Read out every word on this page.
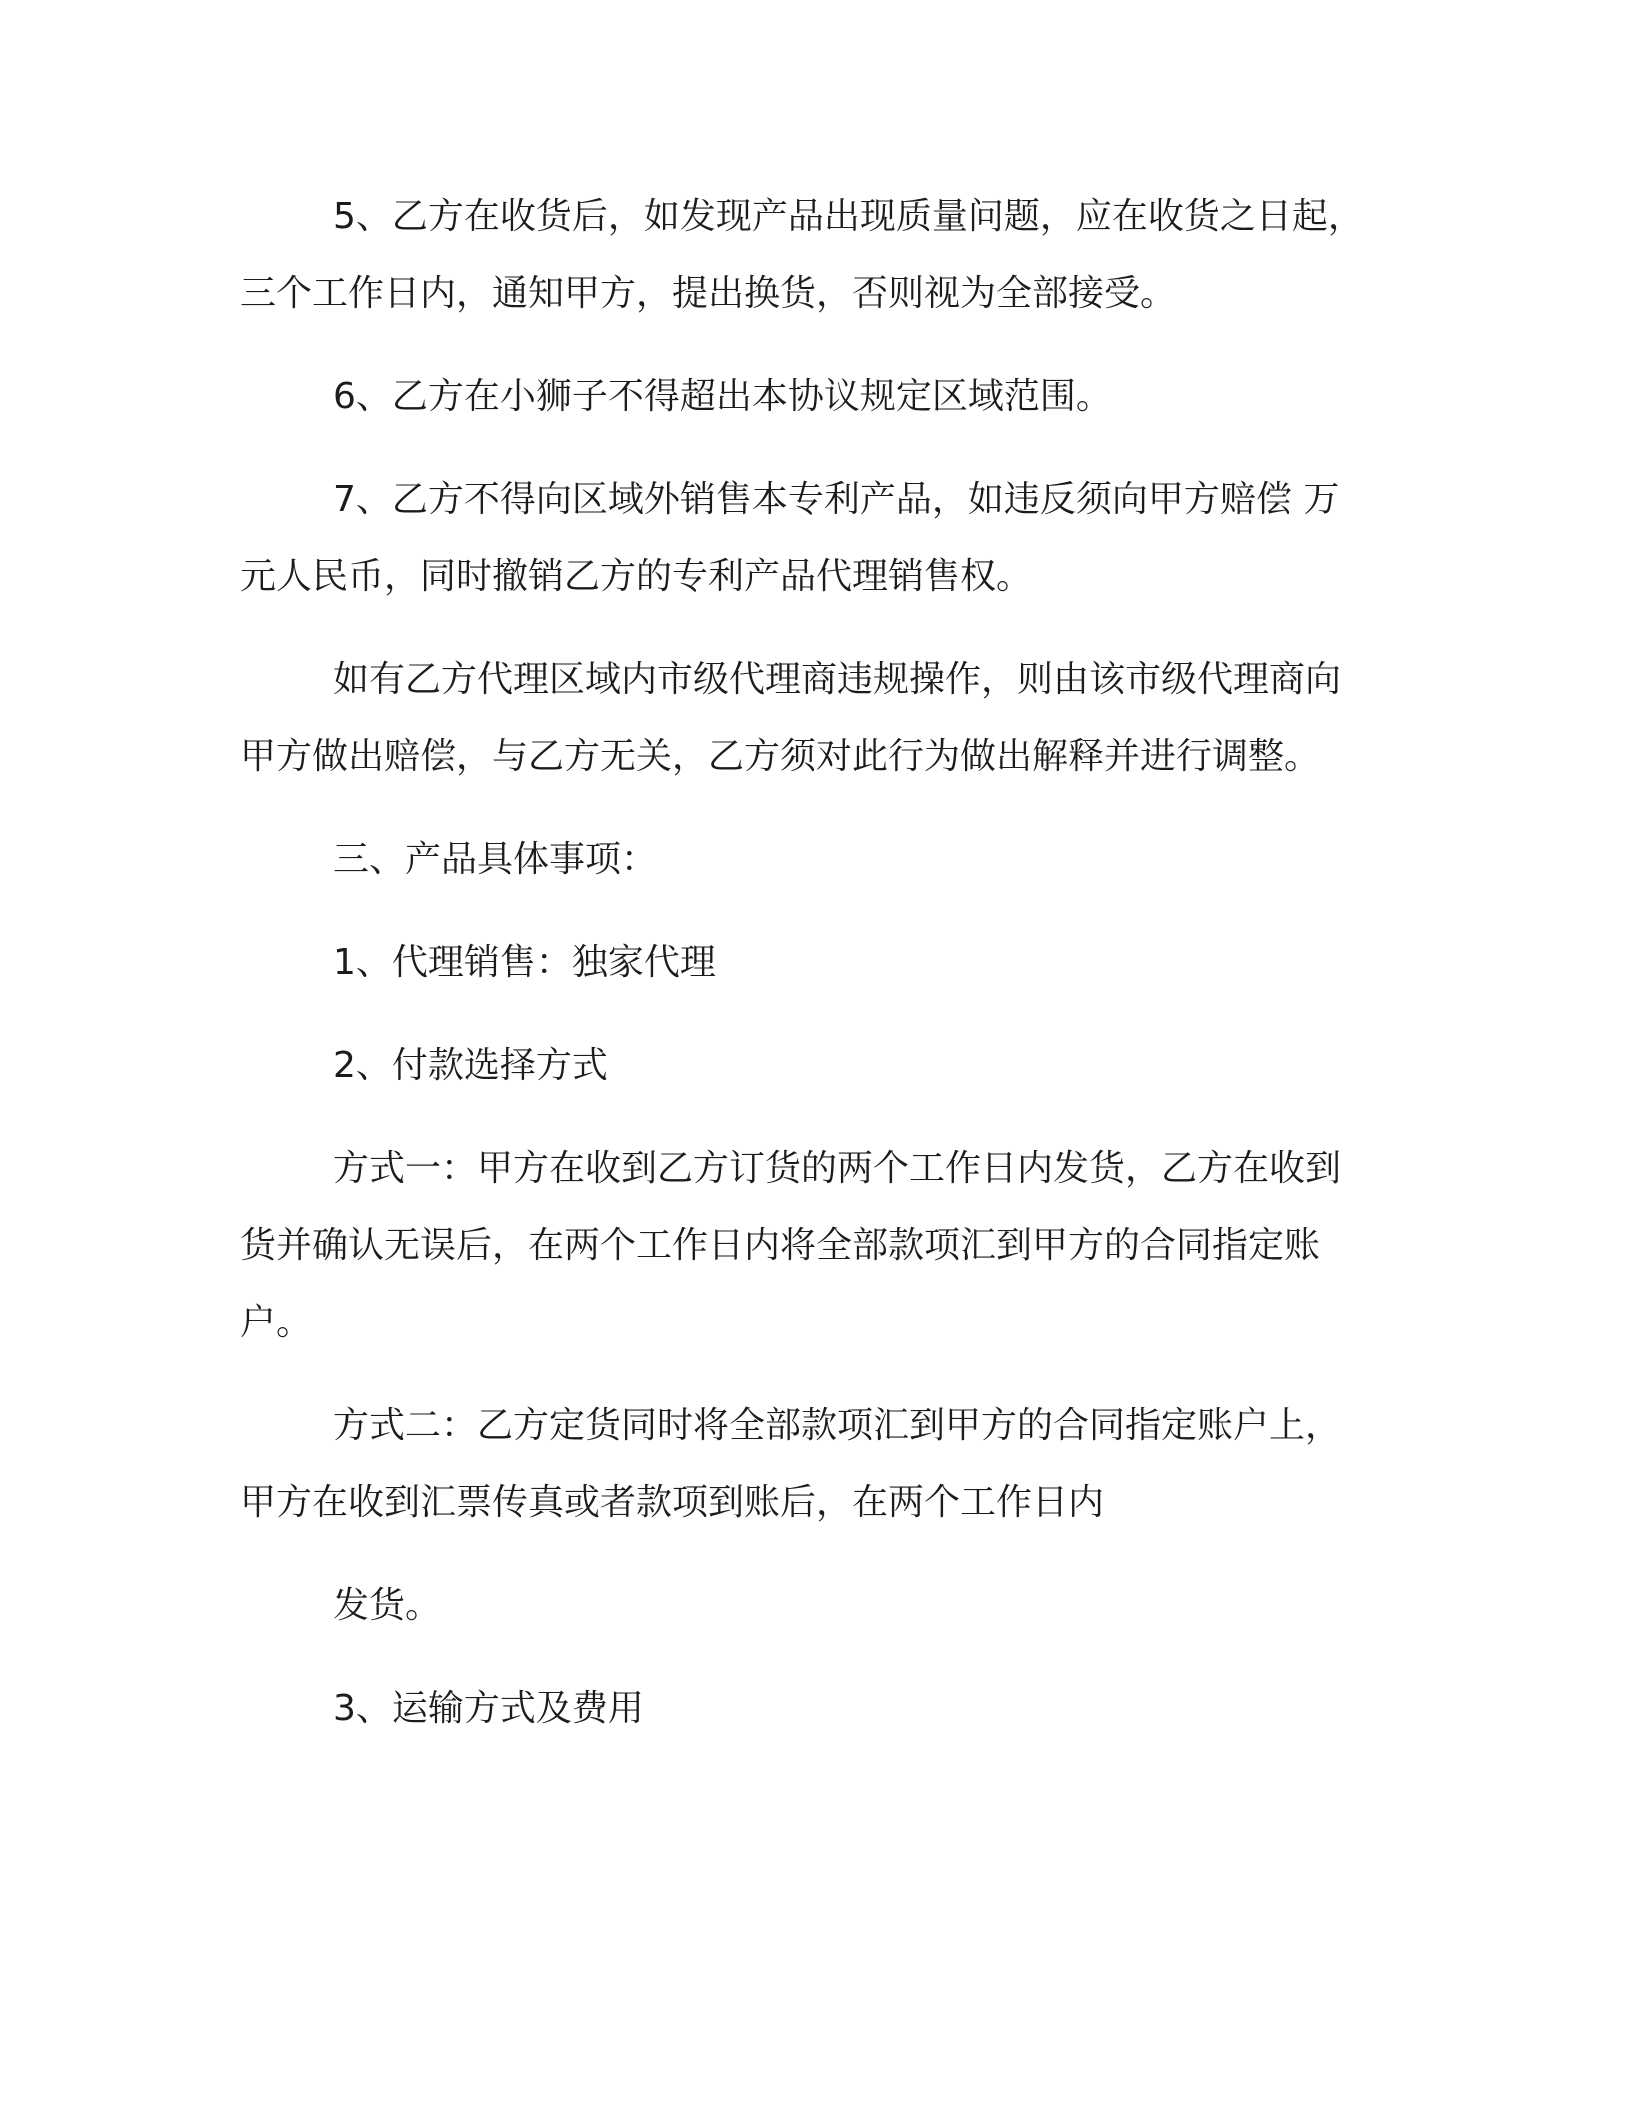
5、乙方在收货后，如发现产品出现质量问题，应在收货之日起，
三个工作日内，通知甲方，提出换货，否则视为全部接受。
6、乙方在小狮子不得超出本协议规定区域范围。
7、乙方不得向区域外销售本专利产品，如违反须向甲方赔偿 万
元人民币，同时撤销乙方的专利产品代理销售权。
如有乙方代理区域内市级代理商违规操作，则由该市级代理商向
甲方做出赔偿，与乙方无关，乙方须对此行为做出解释并进行调整。
三、产品具体事项：
1、代理销售：独家代理
2、付款选择方式
方式一：甲方在收到乙方订货的两个工作日内发货，乙方在收到
货并确认无误后，在两个工作日内将全部款项汇到甲方的合同指定账
户。
方式二：乙方定货同时将全部款项汇到甲方的合同指定账户上，
甲方在收到汇票传真或者款项到账后，在两个工作日内
发货。
3、运输方式及费用
